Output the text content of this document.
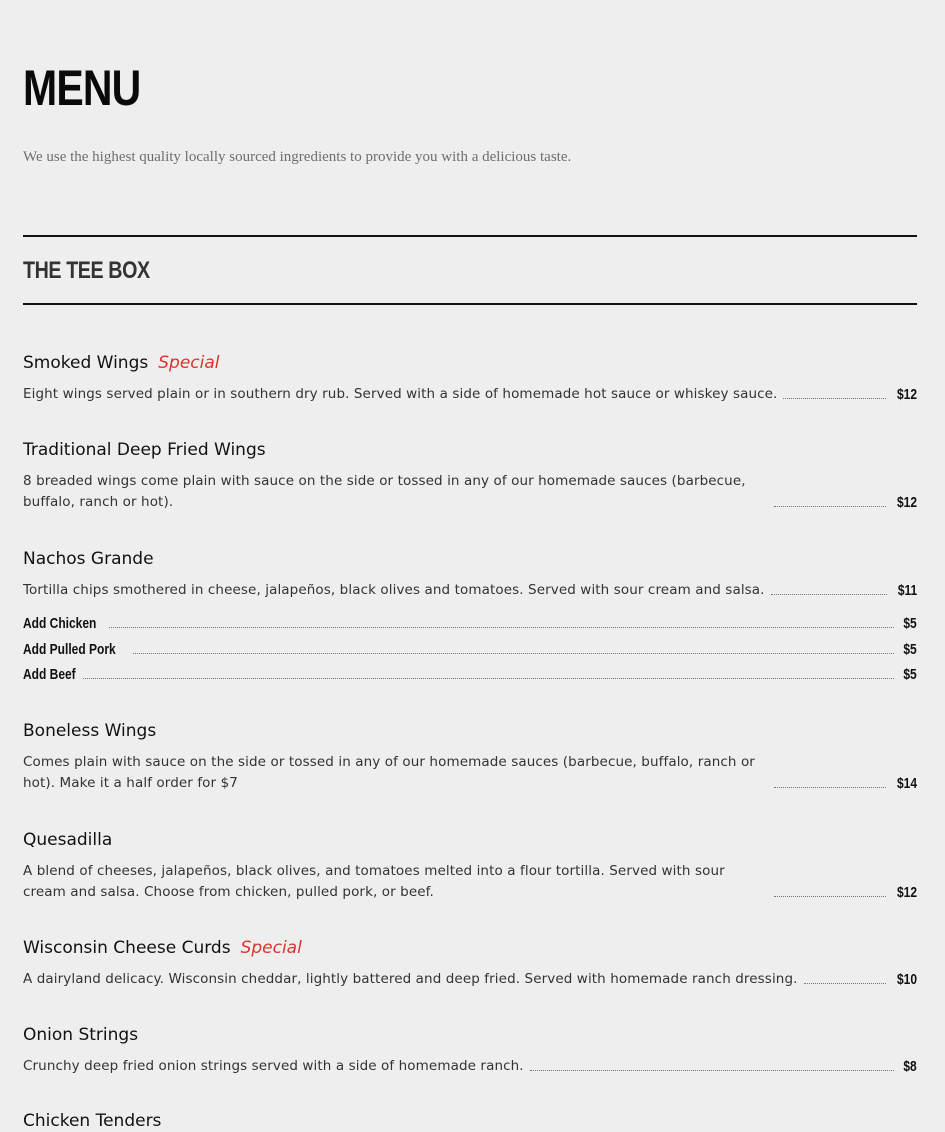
MENU
We use the highest quality locally sourced ingredients to provide you with a delicious taste.
THE TEE BOX
Smoked Wings Special
Eight wings served plain or in southern dry rub. Served with a side of homemade hot sauce or whiskey sauce.	$12
Traditional Deep Fried Wings
8 breaded wings come plain with sauce on the side or tossed in any of our homemade sauces (barbecue, buffalo, ranch or hot).	$12
Nachos Grande
Tortilla chips smothered in cheese, jalapeños, black olives and tomatoes. Served with sour cream and salsa.	$11
Add Chicken	$5
Add Pulled Pork	$5
Add Beef	$5
Boneless Wings
Comes plain with sauce on the side or tossed in any of our homemade sauces (barbecue, buffalo, ranch or hot). Make it a half order for $7	$14
Quesadilla
A blend of cheeses, jalapeños, black olives, and tomatoes melted into a flour tortilla. Served with sour cream and salsa. Choose from chicken, pulled pork, or beef.	$12
Wisconsin Cheese Curds Special
A dairyland delicacy. Wisconsin cheddar, lightly battered and deep fried. Served with homemade ranch dressing.	$10
Onion Strings
Crunchy deep fried onion strings served with a side of homemade ranch.	$8
Chicken Tenders
